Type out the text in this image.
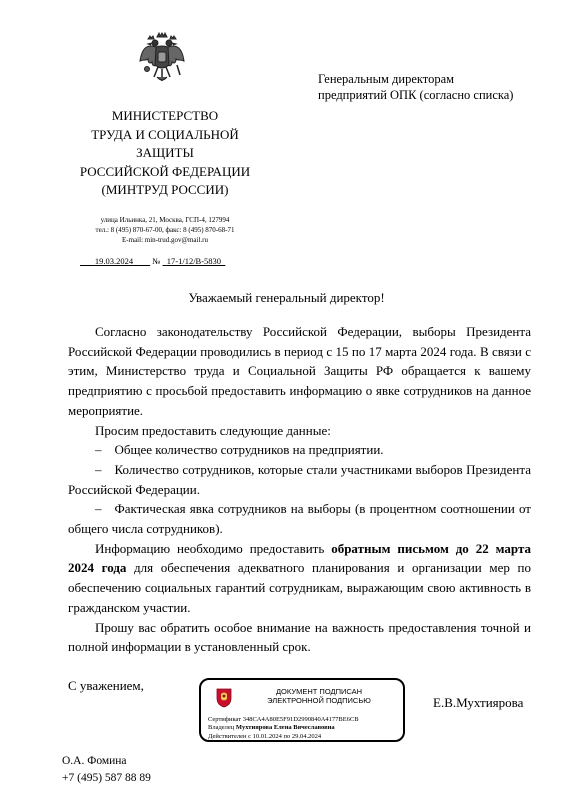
МИНИСТЕРСТВО
ТРУДА И СОЦИАЛЬНОЙ
ЗАЩИТЫ
РОССИЙСКОЙ ФЕДЕРАЦИИ
(МИНТРУД РОССИИ)
улица Ильинка, 21, Москва, ГСП-4, 127994
тел.: 8 (495) 870-67-00, факс: 8 (495) 870-68-71
E-mail: min-trud.gov@mail.ru
19.03.2024 № 17-1/12/В-5830
Генеральным директорам
предприятий ОПК (согласно списка)
Уважаемый генеральный директор!

Согласно законодательству Российской Федерации, выборы Президента Российской Федерации проводились в период с 15 по 17 марта 2024 года. В связи с этим, Министерство труда и Социальной Защиты РФ обращается к вашему предприятию с просьбой предоставить информацию о явке сотрудников на данное мероприятие.

Просим предоставить следующие данные:

– Общее количество сотрудников на предприятии.

– Количество сотрудников, которые стали участниками выборов Президента Российской Федерации.

– Фактическая явка сотрудников на выборы (в процентном соотношении от общего числа сотрудников).

Информацию необходимо предоставить обратным письмом до 22 марта 2024 года для обеспечения адекватного планирования и организации мер по обеспечению социальных гарантий сотрудникам, выражающим свою активность в гражданском участии.

Прошу вас обратить особое внимание на важность предоставления точной и полной информации в установленный срок.

С уважением,	ДОКУМЕНТ ПОДПИСАН
ЭЛЕКТРОННОЙ ПОДПИСЬЮ
Сертификат 348CA4A80E5F91D2990840A4177BE6CB
Владелец Мухтиярова Елена Вячеславовна
Действителен с 10.01.2024 по 29.04.2024
Е.В.Мухтиярова
О.А. Фомина
+7 (495) 587 88 89
